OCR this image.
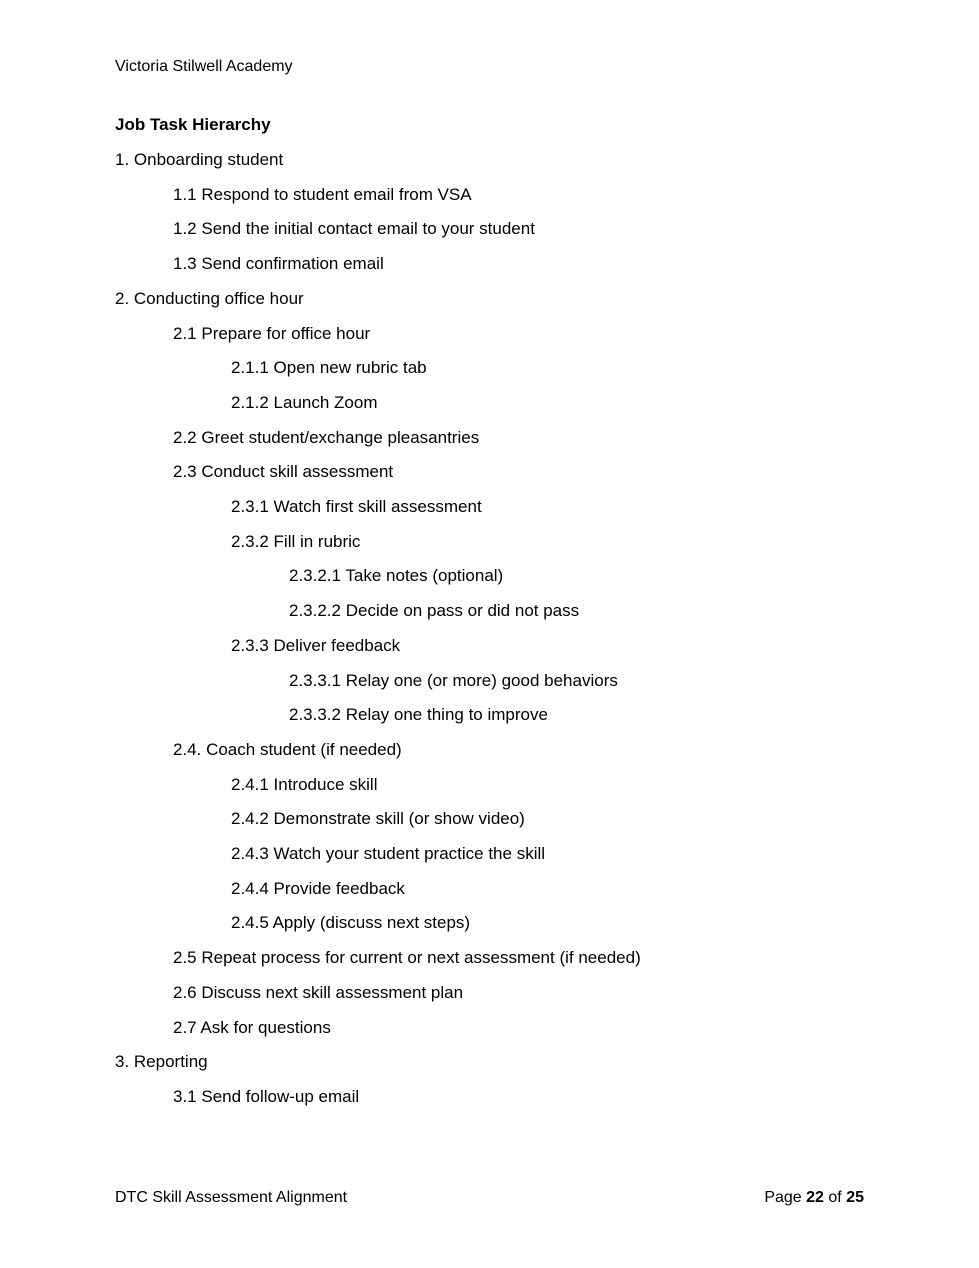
Victoria Stilwell Academy
Job Task Hierarchy
1. Onboarding student
1.1 Respond to student email from VSA
1.2 Send the initial contact email to your student
1.3 Send confirmation email
2. Conducting office hour
2.1 Prepare for office hour
2.1.1 Open new rubric tab
2.1.2 Launch Zoom
2.2 Greet student/exchange pleasantries
2.3 Conduct skill assessment
2.3.1 Watch first skill assessment
2.3.2 Fill in rubric
2.3.2.1 Take notes (optional)
2.3.2.2 Decide on pass or did not pass
2.3.3 Deliver feedback
2.3.3.1 Relay one (or more) good behaviors
2.3.3.2 Relay one thing to improve
2.4. Coach student (if needed)
2.4.1 Introduce skill
2.4.2 Demonstrate skill (or show video)
2.4.3 Watch your student practice the skill
2.4.4 Provide feedback
2.4.5 Apply (discuss next steps)
2.5 Repeat process for current or next assessment (if needed)
2.6 Discuss next skill assessment plan
2.7 Ask for questions
3. Reporting
3.1 Send follow-up email
DTC Skill Assessment Alignment	Page 22 of 25
